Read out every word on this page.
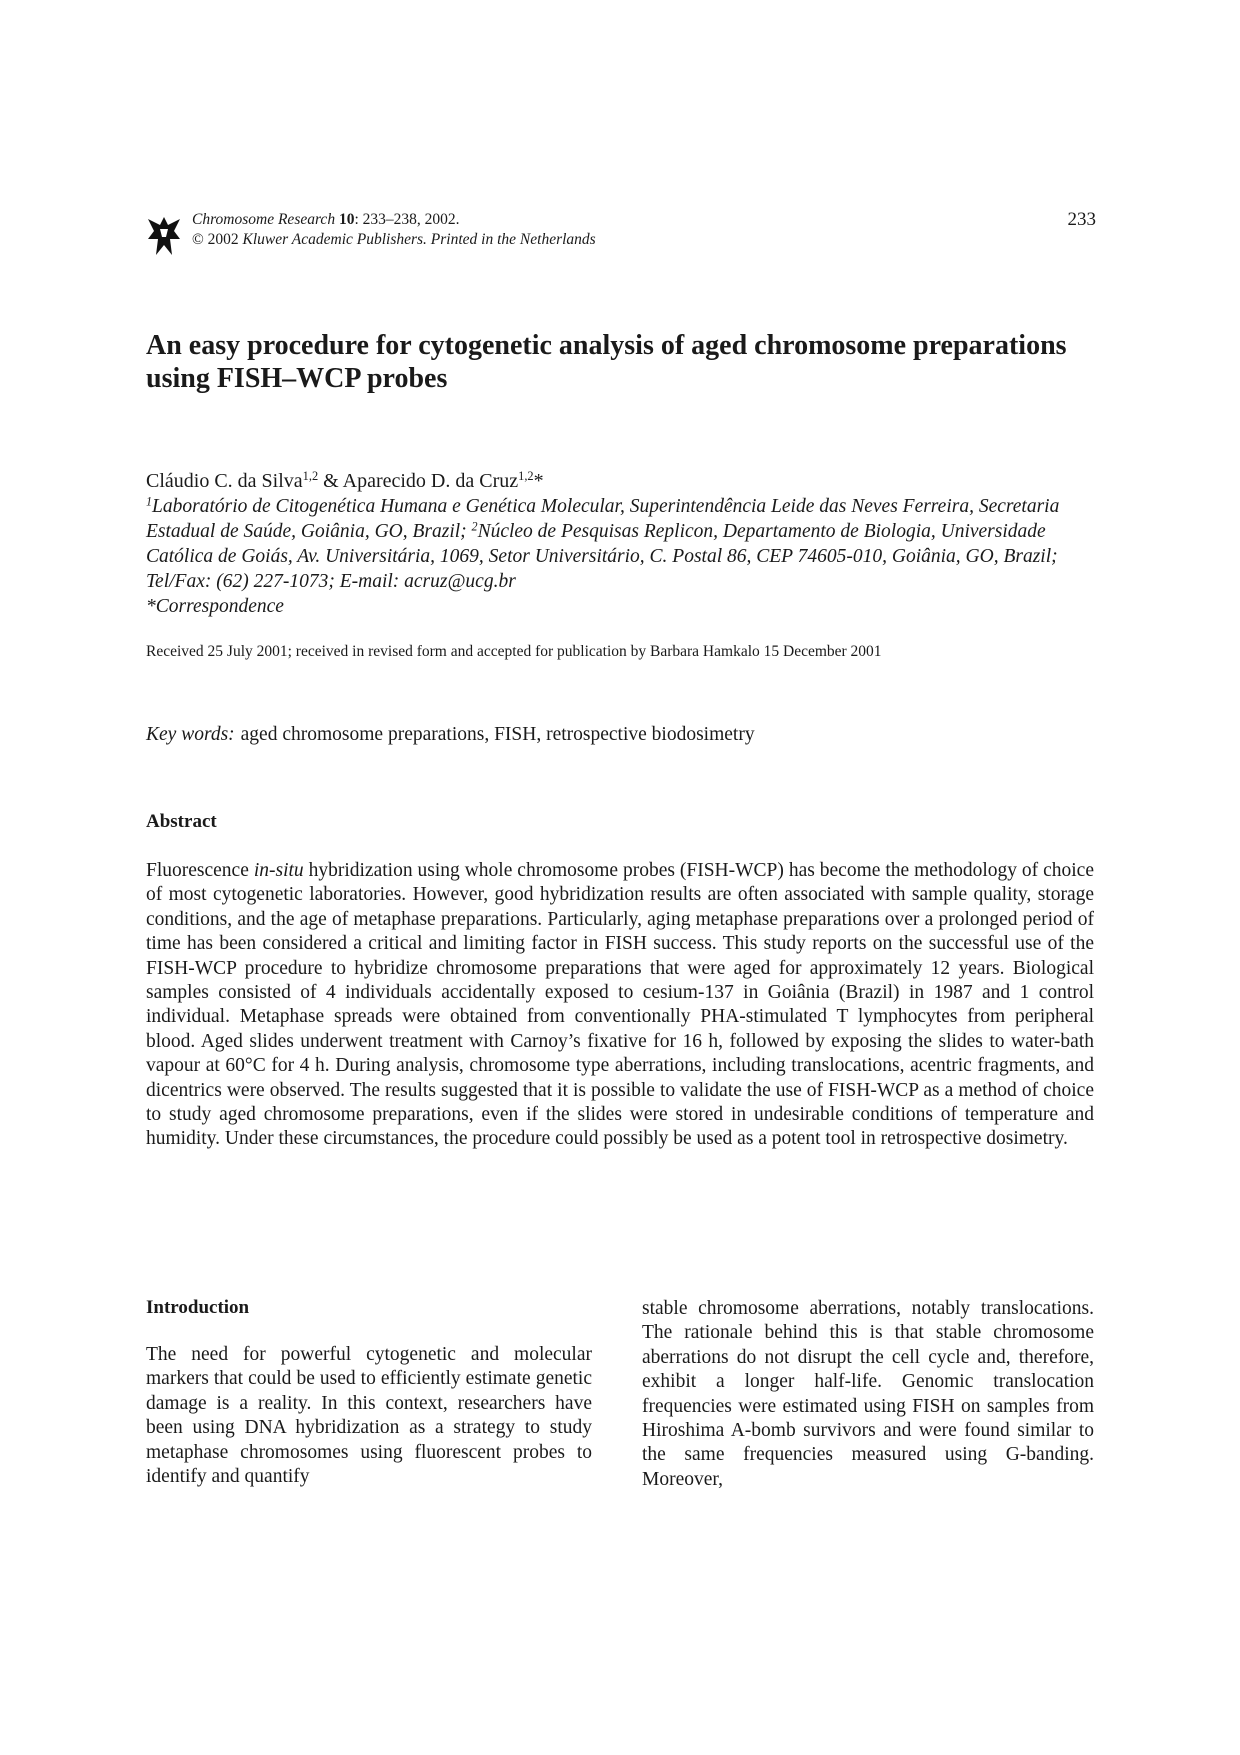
Chromosome Research 10: 233–238, 2002.
© 2002 Kluwer Academic Publishers. Printed in the Netherlands
233
An easy procedure for cytogenetic analysis of aged chromosome preparations using FISH–WCP probes
Cláudio C. da Silva$^{1,2}$ & Aparecido D. da Cruz$^{1,2}$*
$^1$Laboratório de Citogenética Humana e Genética Molecular, Superintendência Leide das Neves Ferreira, Secretaria Estadual de Saúde, Goiânia, GO, Brazil; $^2$Núcleo de Pesquisas Replicon, Departamento de Biologia, Universidade Católica de Goiás, Av. Universitária, 1069, Setor Universitário, C. Postal 86, CEP 74605-010, Goiânia, GO, Brazil; Tel/Fax: (62) 227-1073; E-mail: acruz@ucg.br
*Correspondence
Received 25 July 2001; received in revised form and accepted for publication by Barbara Hamkalo 15 December 2001
Key words: aged chromosome preparations, FISH, retrospective biodosimetry
Abstract
Fluorescence in-situ hybridization using whole chromosome probes (FISH-WCP) has become the methodology of choice of most cytogenetic laboratories. However, good hybridization results are often associated with sample quality, storage conditions, and the age of metaphase preparations. Particularly, aging metaphase preparations over a prolonged period of time has been considered a critical and limiting factor in FISH success. This study reports on the successful use of the FISH-WCP procedure to hybridize chromosome preparations that were aged for approximately 12 years. Biological samples consisted of 4 individuals accidentally exposed to cesium-137 in Goiânia (Brazil) in 1987 and 1 control individual. Metaphase spreads were obtained from conventionally PHA-stimulated T lymphocytes from peripheral blood. Aged slides underwent treatment with Carnoy’s fixative for 16 h, followed by exposing the slides to water-bath vapour at 60°C for 4 h. During analysis, chromosome type aberrations, including translocations, acentric fragments, and dicentrics were observed. The results suggested that it is possible to validate the use of FISH-WCP as a method of choice to study aged chromosome preparations, even if the slides were stored in undesirable conditions of temperature and humidity. Under these circumstances, the procedure could possibly be used as a potent tool in retrospective dosimetry.
Introduction
The need for powerful cytogenetic and molecular markers that could be used to efficiently estimate genetic damage is a reality. In this context, researchers have been using DNA hybridization as a strategy to study metaphase chromosomes using fluorescent probes to identify and quantify
stable chromosome aberrations, notably translocations. The rationale behind this is that stable chromosome aberrations do not disrupt the cell cycle and, therefore, exhibit a longer half-life. Genomic translocation frequencies were estimated using FISH on samples from Hiroshima A-bomb survivors and were found similar to the same frequencies measured using G-banding. Moreover,
